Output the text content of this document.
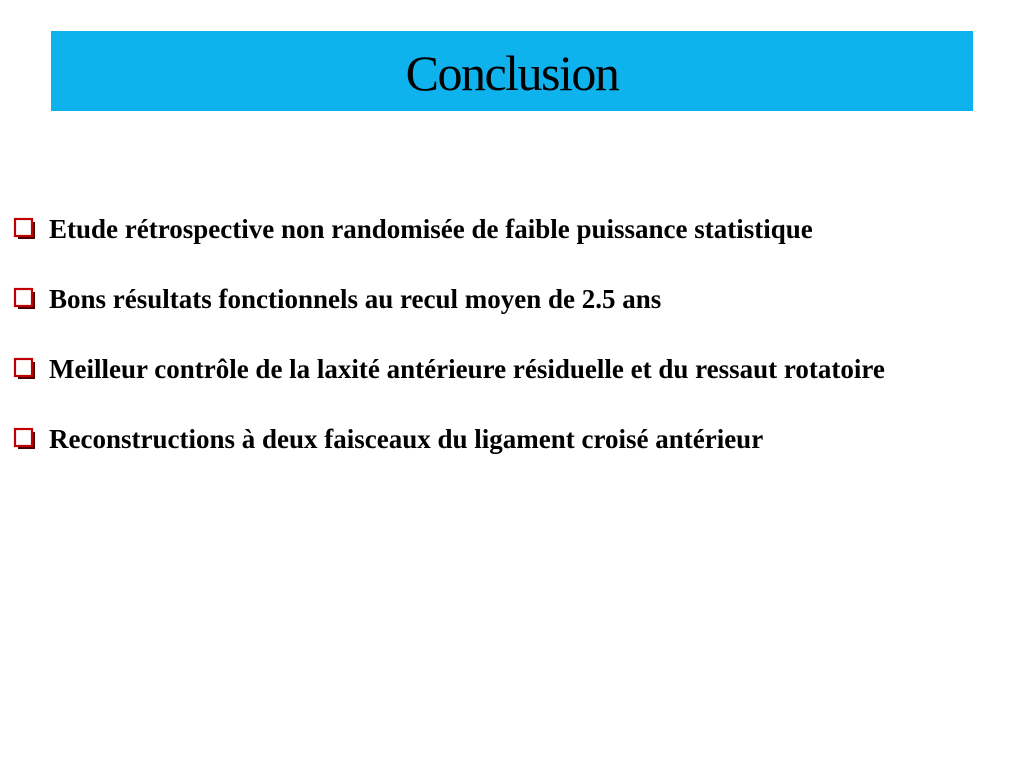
Conclusion
Etude rétrospective non randomisée de faible puissance statistique
Bons résultats fonctionnels au recul moyen de 2.5 ans
Meilleur contrôle de la laxité antérieure résiduelle et du ressaut rotatoire
Reconstructions à deux faisceaux du ligament croisé antérieur
